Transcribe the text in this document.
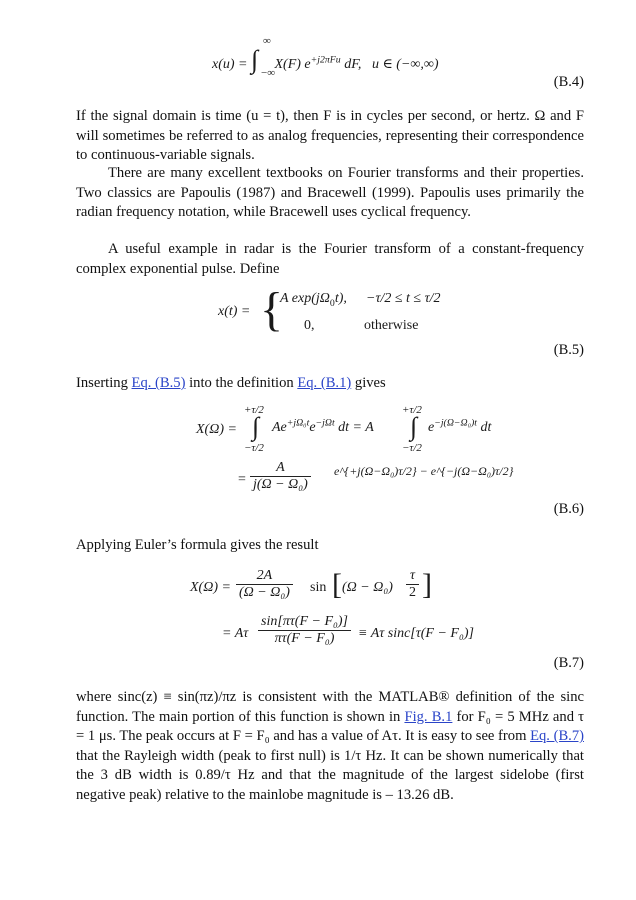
x(u) = ∫
∞
−∞
X(F) $e^{+j2\pi Fu}$ dF, u ∈ (−∞,∞)
(B.4)
If the signal domain is time (u = t), then F is in cycles per second, or hertz. Ω and F will sometimes be referred to as analog frequencies, representing their correspondence to continuous-variable signals.
There are many excellent textbooks on Fourier transforms and their properties. Two classics are Papoulis (1987) and Bracewell (1999). Papoulis uses primarily the radian frequency notation, while Bracewell uses cyclical frequency.
A useful example in radar is the Fourier transform of a constant-frequency complex exponential pulse. Define
x(t) = {
A $\exp(j\Omega_0t)$, −τ/2 ≤ t ≤ τ/2
0,	otherwise
(B.5)
Inserting Eq. (B.5) into the definition Eq. (B.1) gives
X(Ω) =
+τ/2
∫
−τ/2
$Ae^{+j\Omega_0t}e^{-j\Omega t}$ dt = A
+τ/2
∫
−τ/2
$e^{-j(\Omega-\Omega_0)t}$ dt
= $\frac{A}{\text{j(Ω − Ω₀)}}$ e^{+j(Ω−Ω₀)τ/2} − e^{−j(Ω−Ω₀)τ/2}
(B.6)
Applying Euler’s formula gives the result
$X(\Omega) = \frac{2A}{\text{(Ω − Ω₀)}}$ sin [ $(\Omega - \Omega_0) \frac{\tau}{2}$ ]
= Aτ $\frac{\text{sin[πτ(F − F₀)]}}{\text{πτ(F − F₀)}} \equiv A\tau$ sinc[τ(F − F₀)]
(B.7)
where sinc(z) ≡ sin(πz)/πz is consistent with the MATLAB® definition of the sinc function. The main portion of this function is shown in Fig. B.1 for F₀ = 5 MHz and τ = 1 μs. The peak occurs at F = F₀ and has a value of Aτ. It is easy to see from Eq. (B.7) that the Rayleigh width (peak to first null) is 1/τ Hz. It can be shown numerically that the 3 dB width is 0.89/τ Hz and that the magnitude of the largest sidelobe (first negative peak) relative to the mainlobe magnitude is – 13.26 dB.
